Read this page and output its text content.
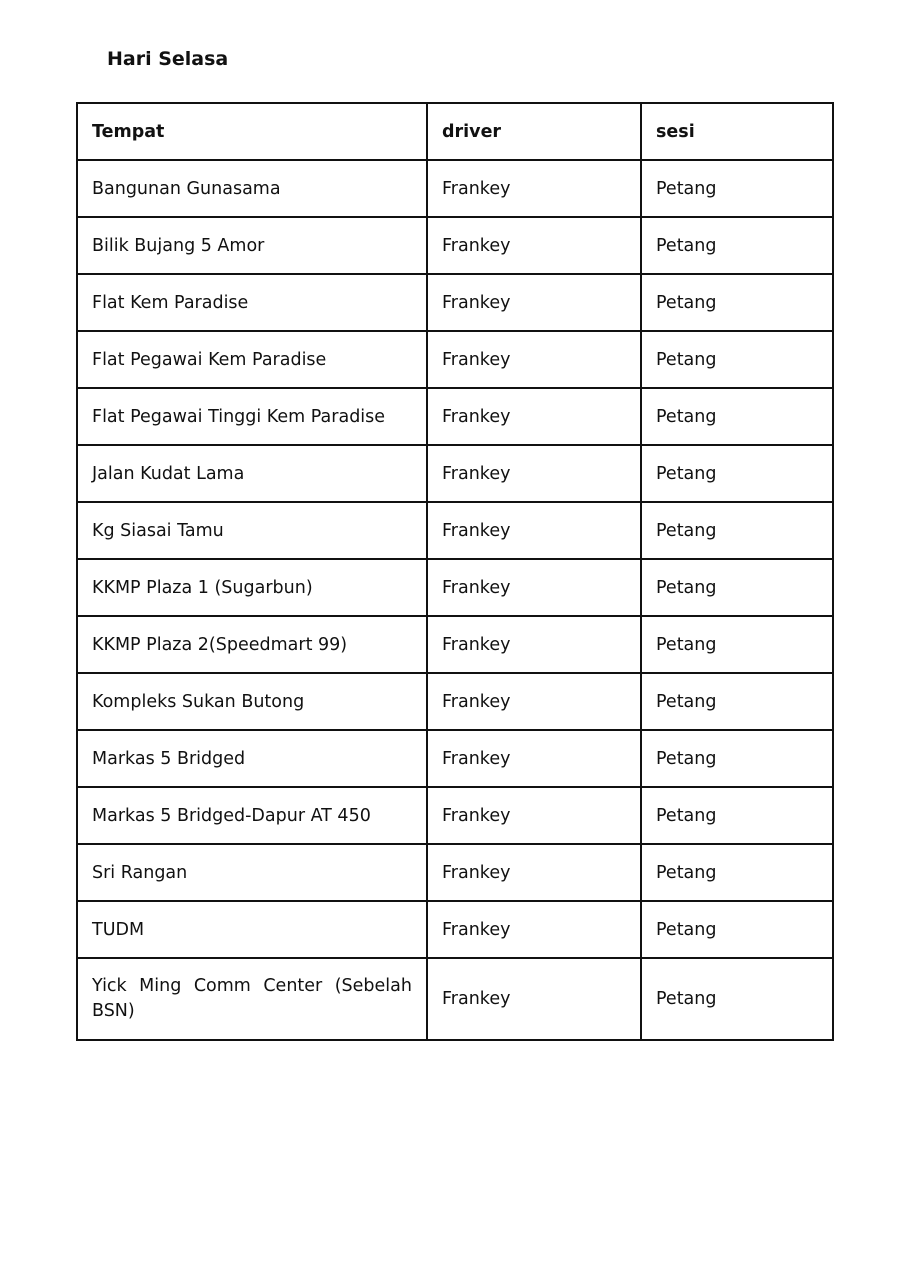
Hari Selasa
Tempat	driver	sesi
Bangunan Gunasama	Frankey	Petang
Bilik Bujang 5 Amor	Frankey	Petang
Flat Kem Paradise	Frankey	Petang
Flat Pegawai Kem Paradise	Frankey	Petang
Flat Pegawai Tinggi Kem Paradise	Frankey	Petang
Jalan Kudat Lama	Frankey	Petang
Kg Siasai Tamu	Frankey	Petang
KKMP Plaza 1 (Sugarbun)	Frankey	Petang
KKMP Plaza 2(Speedmart 99)	Frankey	Petang
Kompleks Sukan Butong	Frankey	Petang
Markas 5 Bridged	Frankey	Petang
Markas 5 Bridged-Dapur AT 450	Frankey	Petang
Sri Rangan	Frankey	Petang
TUDM	Frankey	Petang
Yick Ming Comm Center (Sebelah BSN)	Frankey	Petang
